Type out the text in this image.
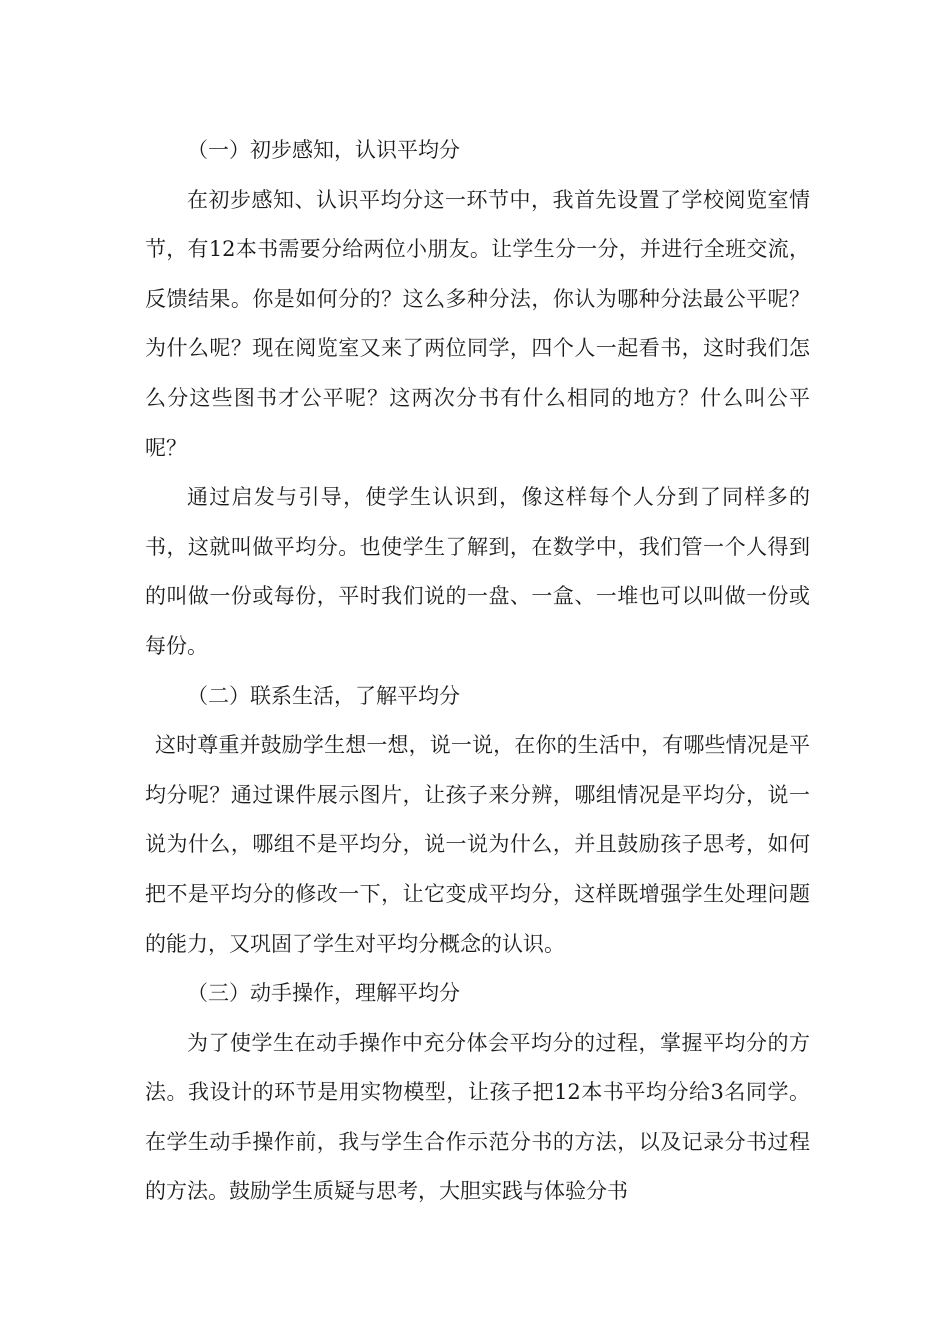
（一）初步感知，认识平均分

在初步感知、认识平均分这一环节中，我首先设置了学校阅览室情节，有12本书需要分给两位小朋友。让学生分一分，并进行全班交流，反馈结果。你是如何分的？这么多种分法，你认为哪种分法最公平呢？为什么呢？现在阅览室又来了两位同学，四个人一起看书，这时我们怎么分这些图书才公平呢？这两次分书有什么相同的地方？什么叫公平呢？

通过启发与引导，使学生认识到，像这样每个人分到了同样多的书，这就叫做平均分。也使学生了解到，在数学中，我们管一个人得到的叫做一份或每份，平时我们说的一盘、一盒、一堆也可以叫做一份或每份。

（二）联系生活，了解平均分

这时尊重并鼓励学生想一想，说一说，在你的生活中，有哪些情况是平均分呢？通过课件展示图片，让孩子来分辨，哪组情况是平均分，说一说为什么，哪组不是平均分，说一说为什么，并且鼓励孩子思考，如何把不是平均分的修改一下，让它变成平均分，这样既增强学生处理问题的能力，又巩固了学生对平均分概念的认识。

（三）动手操作，理解平均分

为了使学生在动手操作中充分体会平均分的过程，掌握平均分的方法。我设计的环节是用实物模型，让孩子把12本书平均分给3名同学。在学生动手操作前，我与学生合作示范分书的方法，以及记录分书过程的方法。鼓励学生质疑与思考，大胆实践与体验分书
